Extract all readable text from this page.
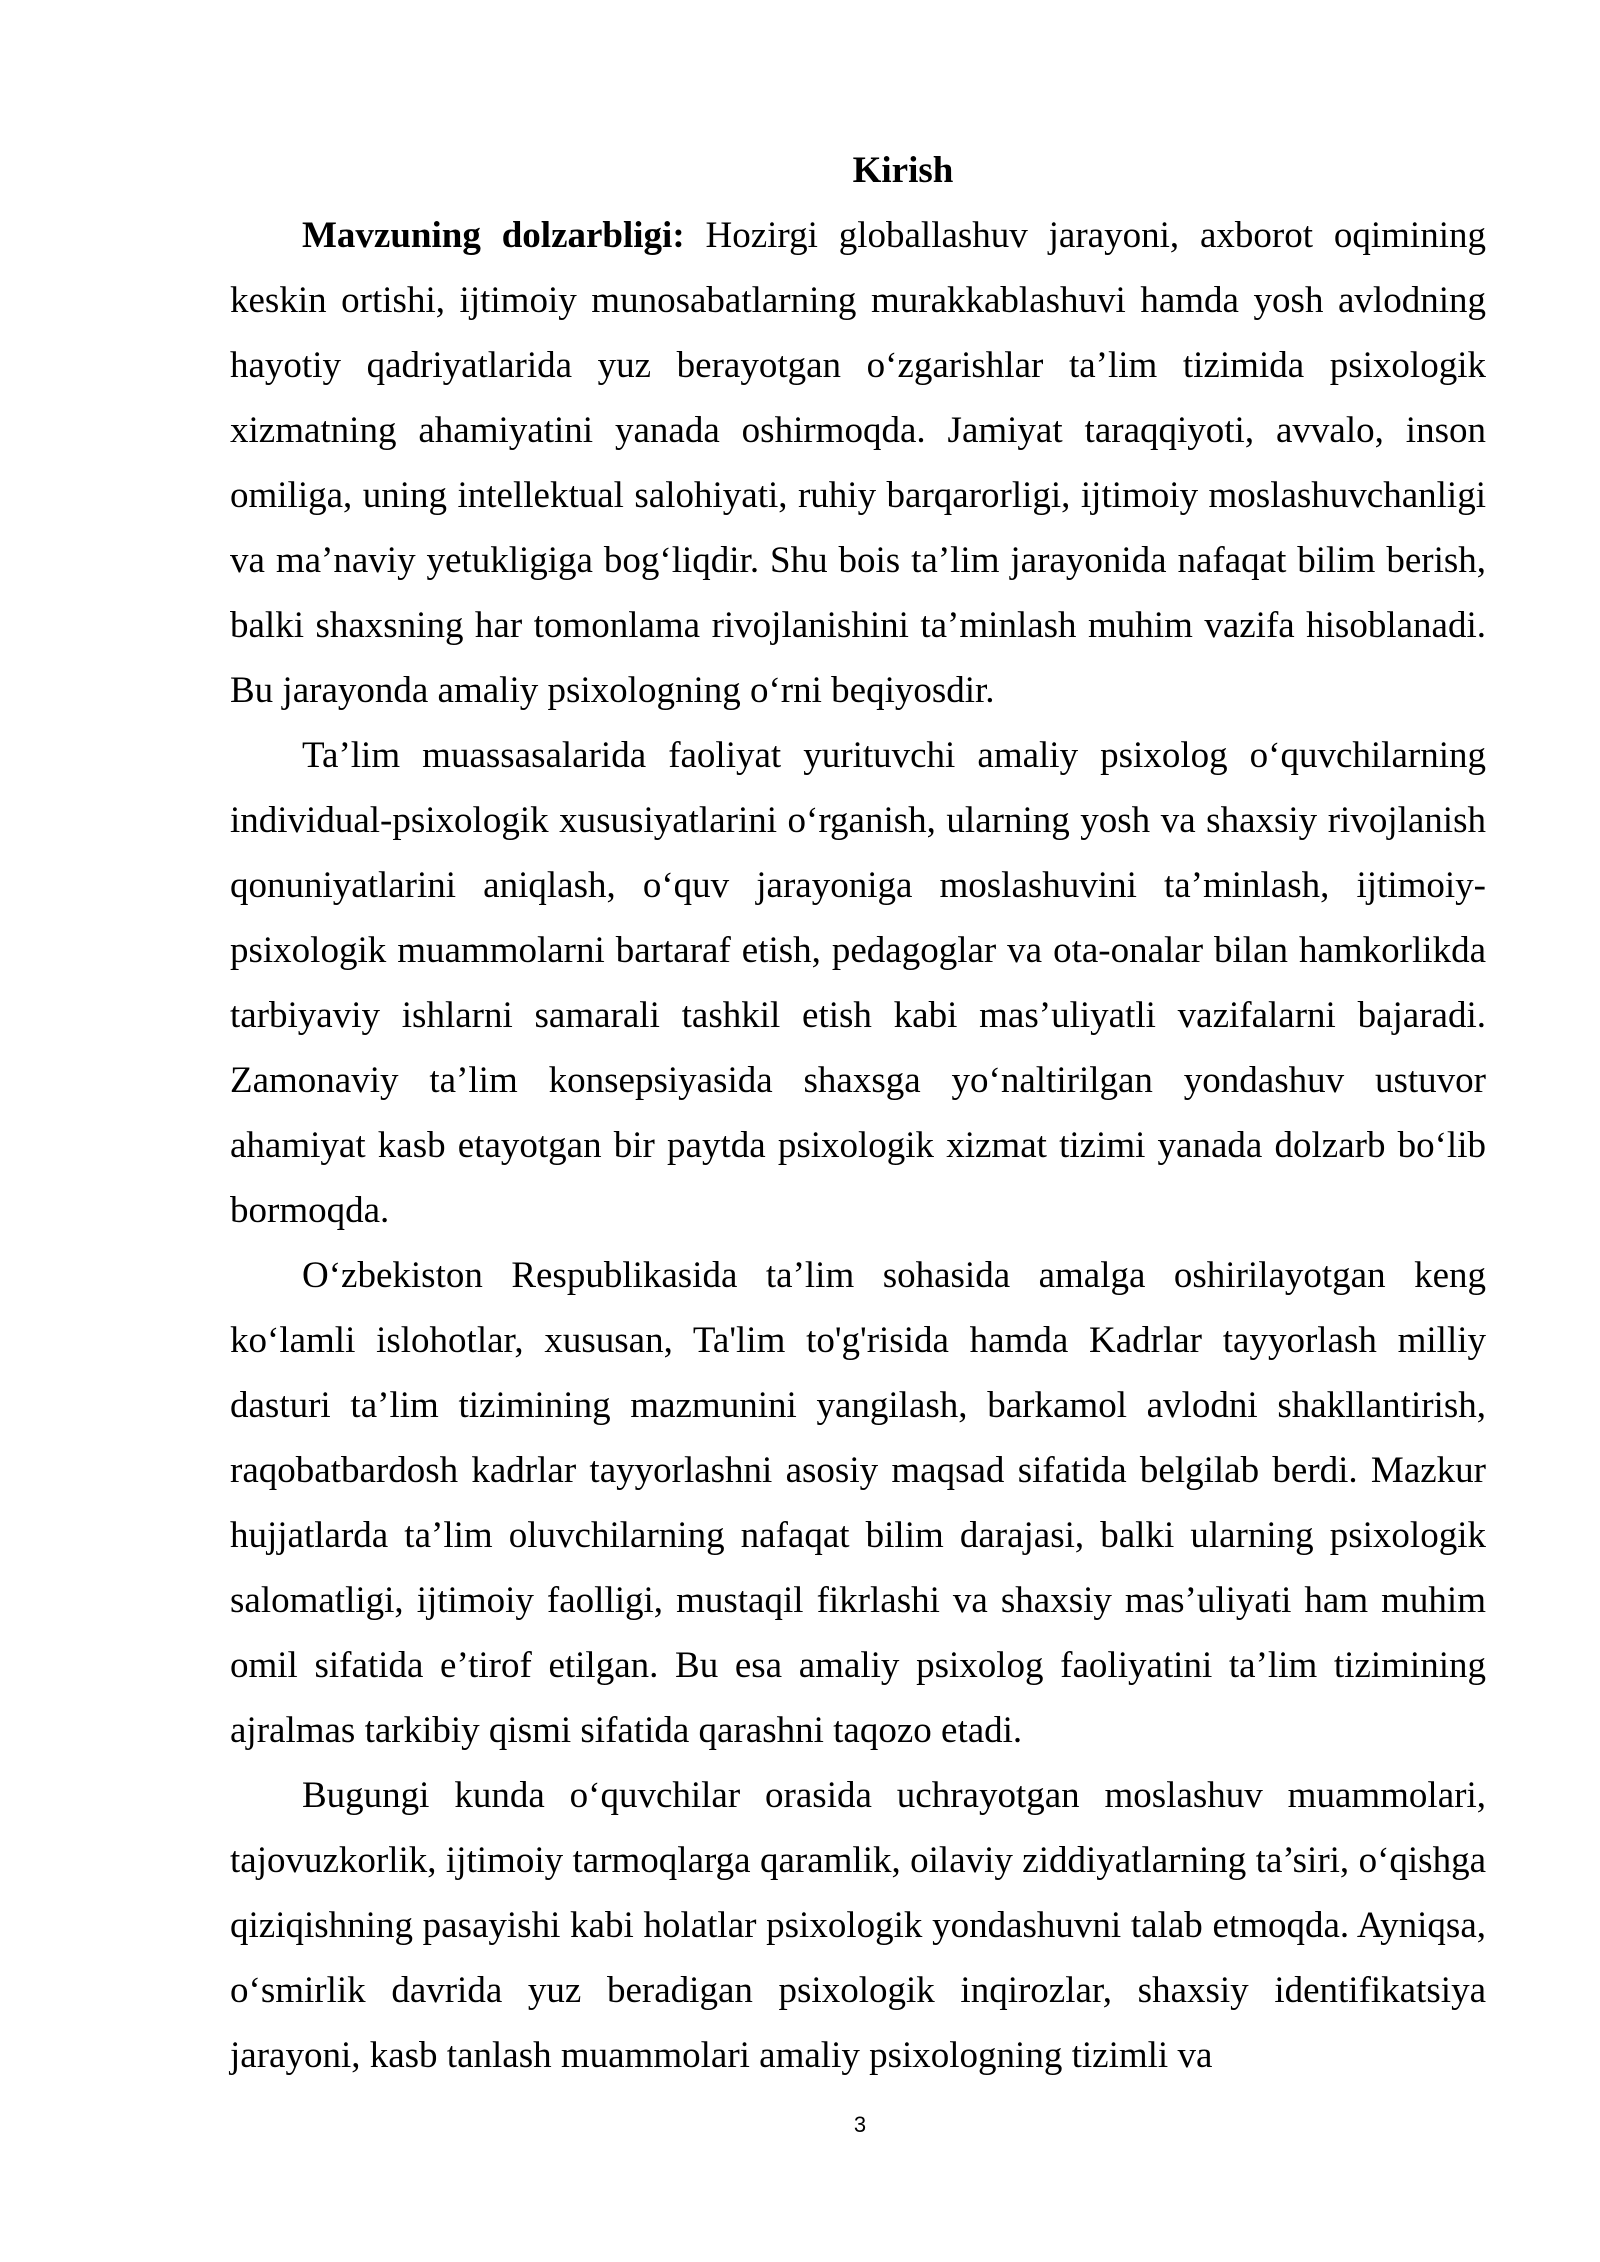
Kirish

Mavzuning dolzarbligi: Hozirgi globallashuv jarayoni, axborot oqimining keskin ortishi, ijtimoiy munosabatlarning murakkablashuvi hamda yosh avlodning hayotiy qadriyatlarida yuz berayotgan o‘zgarishlar ta’lim tizimida psixologik xizmatning ahamiyatini yanada oshirmoqda. Jamiyat taraqqiyoti, avvalo, inson omiliga, uning intellektual salohiyati, ruhiy barqarorligi, ijtimoiy moslashuvchanligi va ma’naviy yetukligiga bog‘liqdir. Shu bois ta’lim jarayonida nafaqat bilim berish, balki shaxsning har tomonlama rivojlanishini ta’minlash muhim vazifa hisoblanadi. Bu jarayonda amaliy psixologning o‘rni beqiyosdir.

Ta’lim muassasalarida faoliyat yurituvchi amaliy psixolog o‘quvchilarning individual-psixologik xususiyatlarini o‘rganish, ularning yosh va shaxsiy rivojlanish qonuniyatlarini aniqlash, o‘quv jarayoniga moslashuvini ta’minlash, ijtimoiy-psixologik muammolarni bartaraf etish, pedagoglar va ota-onalar bilan hamkorlikda tarbiyaviy ishlarni samarali tashkil etish kabi mas’uliyatli vazifalarni bajaradi. Zamonaviy ta’lim konsepsiyasida shaxsga yo‘naltirilgan yondashuv ustuvor ahamiyat kasb etayotgan bir paytda psixologik xizmat tizimi yanada dolzarb bo‘lib bormoqda.

O‘zbekiston Respublikasida ta’lim sohasida amalga oshirilayotgan keng ko‘lamli islohotlar, xususan, Ta'lim to'g'risida hamda Kadrlar tayyorlash milliy dasturi ta’lim tizimining mazmunini yangilash, barkamol avlodni shakllantirish, raqobatbardosh kadrlar tayyorlashni asosiy maqsad sifatida belgilab berdi. Mazkur hujjatlarda ta’lim oluvchilarning nafaqat bilim darajasi, balki ularning psixologik salomatligi, ijtimoiy faolligi, mustaqil fikrlashi va shaxsiy mas’uliyati ham muhim omil sifatida e’tirof etilgan. Bu esa amaliy psixolog faoliyatini ta’lim tizimining ajralmas tarkibiy qismi sifatida qarashni taqozo etadi.

Bugungi kunda o‘quvchilar orasida uchrayotgan moslashuv muammolari, tajovuzkorlik, ijtimoiy tarmoqlarga qaramlik, oilaviy ziddiyatlarning ta’siri, o‘qishga qiziqishning pasayishi kabi holatlar psixologik yondashuvni talab etmoqda. Ayniqsa, o‘smirlik davrida yuz beradigan psixologik inqirozlar, shaxsiy identifikatsiya jarayoni, kasb tanlash muammolari amaliy psixologning tizimli va

3
